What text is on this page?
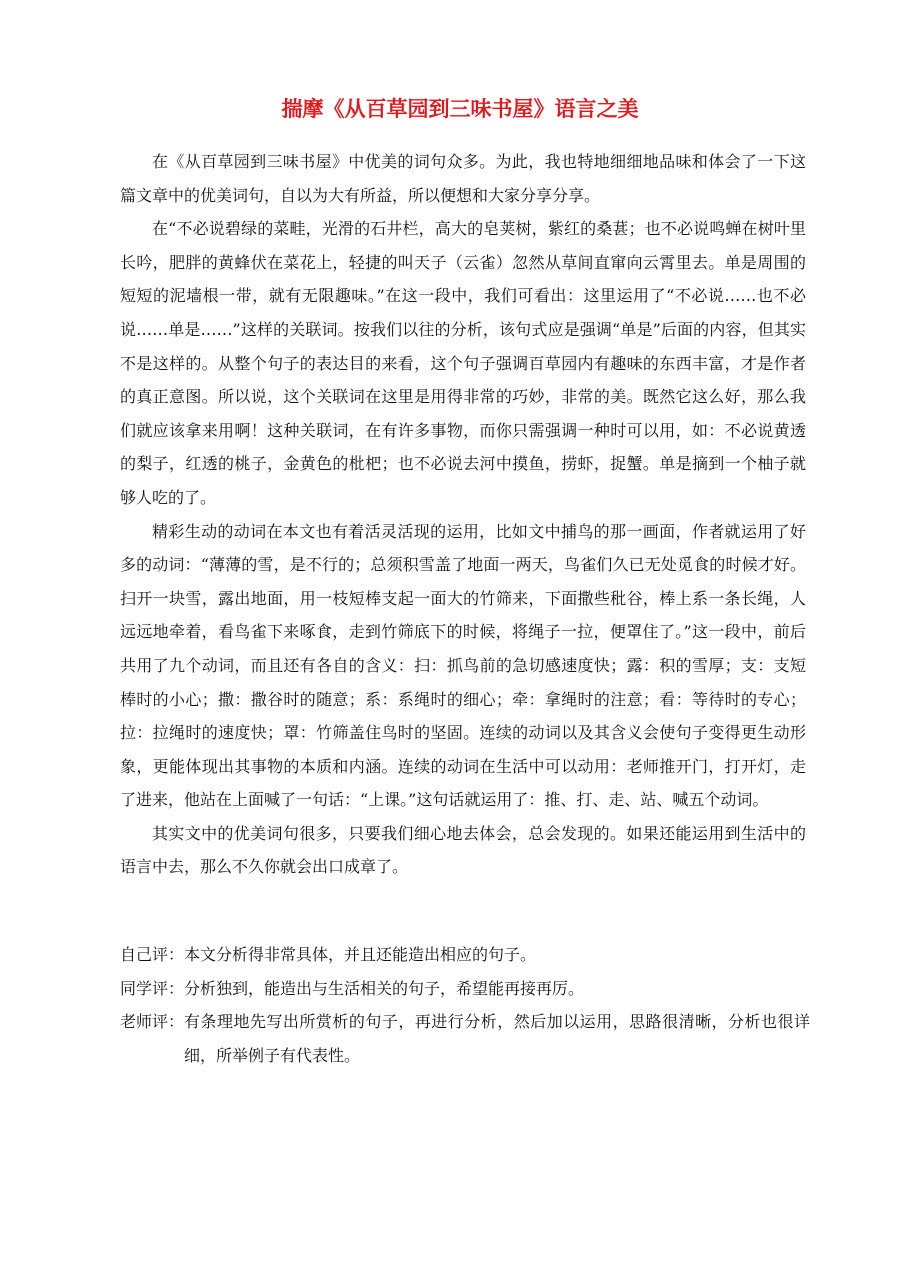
揣摩《从百草园到三味书屋》语言之美

在《从百草园到三味书屋》中优美的词句众多。为此，我也特地细细地品味和体会了一下这篇文章中的优美词句，自以为大有所益，所以便想和大家分享分享。

在“不必说碧绿的菜畦，光滑的石井栏，高大的皂荚树，紫红的桑葚；也不必说鸣蝉在树叶里长吟，肥胖的黄蜂伏在菜花上，轻捷的叫天子（云雀）忽然从草间直窜向云霄里去。单是周围的短短的泥墙根一带，就有无限趣味。”在这一段中，我们可看出：这里运用了“不必说……也不必说……单是……”这样的关联词。按我们以往的分析，该句式应是强调“单是”后面的内容，但其实不是这样的。从整个句子的表达目的来看，这个句子强调百草园内有趣味的东西丰富，才是作者的真正意图。所以说，这个关联词在这里是用得非常的巧妙，非常的美。既然它这么好，那么我们就应该拿来用啊！这种关联词，在有许多事物，而你只需强调一种时可以用，如：不必说黄透的梨子，红透的桃子，金黄色的枇杷；也不必说去河中摸鱼，捞虾，捉蟹。单是摘到一个柚子就够人吃的了。

精彩生动的动词在本文也有着活灵活现的运用，比如文中捕鸟的那一画面，作者就运用了好多的动词：“薄薄的雪，是不行的；总须积雪盖了地面一两天，鸟雀们久已无处觅食的时候才好。扫开一块雪，露出地面，用一枝短棒支起一面大的竹筛来，下面撒些秕谷，棒上系一条长绳，人远远地牵着，看鸟雀下来啄食，走到竹筛底下的时候，将绳子一拉，便罩住了。”这一段中，前后共用了九个动词，而且还有各自的含义：扫：抓鸟前的急切感速度快；露：积的雪厚；支：支短棒时的小心；撒：撒谷时的随意；系：系绳时的细心；牵：拿绳时的注意；看：等待时的专心；拉：拉绳时的速度快；罩：竹筛盖住鸟时的坚固。连续的动词以及其含义会使句子变得更生动形象，更能体现出其事物的本质和内涵。连续的动词在生活中可以动用：老师推开门，打开灯，走了进来，他站在上面喊了一句话：“上课。”这句话就运用了：推、打、走、站、喊五个动词。

其实文中的优美词句很多，只要我们细心地去体会，总会发现的。如果还能运用到生活中的语言中去，那么不久你就会出口成章了。

自己评： 本文分析得非常具体，并且还能造出相应的句子。
同学评： 分析独到，能造出与生活相关的句子，希望能再接再厉。
老师评： 有条理地先写出所赏析的句子，再进行分析，然后加以运用，思路很清晰，分析也很详细，所举例子有代表性。
